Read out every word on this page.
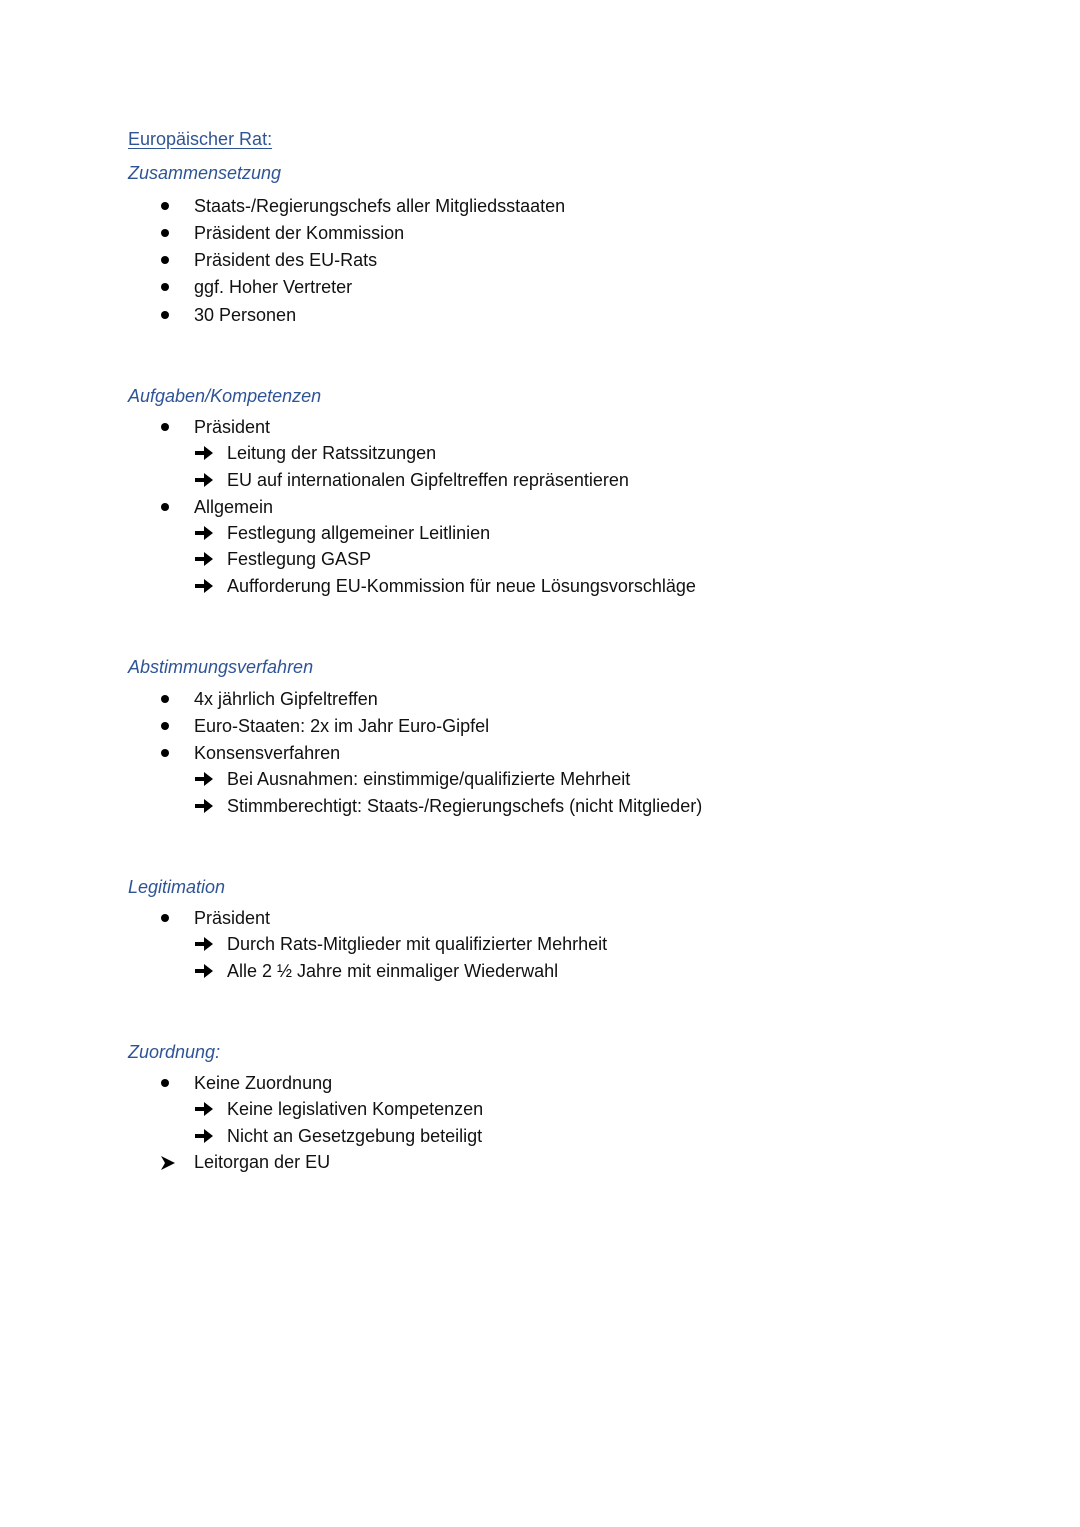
Europäischer Rat:
Zusammensetzung
Staats-/Regierungschefs aller Mitgliedsstaaten
Präsident der Kommission
Präsident des EU-Rats
ggf. Hoher Vertreter
30 Personen
Aufgaben/Kompetenzen
Präsident
Leitung der Ratssitzungen
EU auf internationalen Gipfeltreffen repräsentieren
Allgemein
Festlegung allgemeiner Leitlinien
Festlegung GASP
Aufforderung EU-Kommission für neue Lösungsvorschläge
Abstimmungsverfahren
4x jährlich Gipfeltreffen
Euro-Staaten: 2x im Jahr Euro-Gipfel
Konsensverfahren
Bei Ausnahmen: einstimmige/qualifizierte Mehrheit
Stimmberechtigt: Staats-/Regierungschefs (nicht Mitglieder)
Legitimation
Präsident
Durch Rats-Mitglieder mit qualifizierter Mehrheit
Alle 2 ½ Jahre mit einmaliger Wiederwahl
Zuordnung:
Keine Zuordnung
Keine legislativen Kompetenzen
Nicht an Gesetzgebung beteiligt
Leitorgan der EU
